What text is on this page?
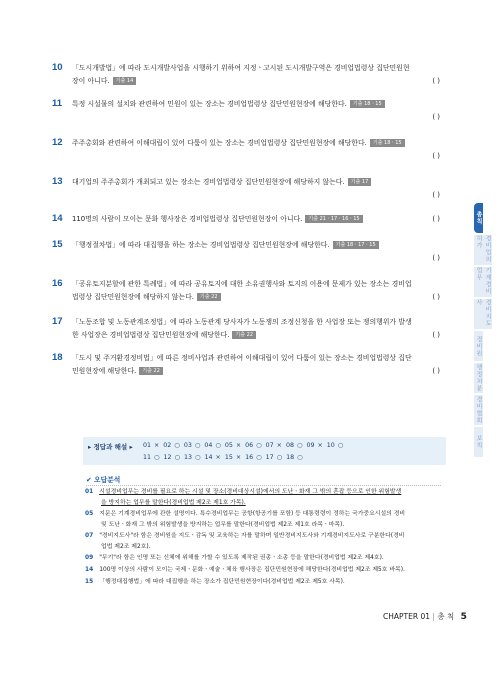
10 「도시개발법」에 따라 도시개발사업을 시행하기 위하여 지정ㆍ고시된 도시개발구역은 경비업법령상 집단민원현
장이 아니다. 기출 14	( )
11 특정 시설물의 설치와 관련하여 민원이 있는 장소는 경비업법령상 집단민원현장에 해당한다. 기출 18ㆍ15

( )
12 주주총회와 관련하여 이해대립이 있어 다툼이 있는 장소는 경비업법령상 집단민원현장에 해당한다. 기출 18ㆍ15

( )
13 대기업의 주주총회가 개최되고 있는 장소는 경비업법령상 집단민원현장에 해당하지 않는다. 기출 17

( )
14 110명의 사람이 모이는 문화 행사장은 경비업법령상 집단민원현장이 아니다. 기출 21ㆍ17ㆍ16ㆍ15	( )
15 「행정절차법」에 따라 대집행을 하는 장소는 경비업법령상 집단민원현장에 해당한다. 기출 18ㆍ17ㆍ15

( )
16 「공유토지분할에 관한 특례법」에 따라 공유토지에 대한 소유권행사와 토지의 이용에 문제가 있는 장소는 경비업
법령상 집단민원현장에 해당하지 않는다. 기출 22	( )
17 「노동조합 및 노동관계조정법」에 따라 노동관계 당사자가 노동쟁의 조정신청을 한 사업장 또는 쟁의행위가 발생
한 사업장은 경비업법령상 집단민원현장에 해당한다. 기출 22	( )
18 「도시 및 주거환경정비법」에 따른 정비사업과 관련하여 이해대립이 있어 다툼이 있는 장소는 경비업법령상 집단
민원현장에 해당한다. 기출 22	( )
총칙
경비업의 허가
기계경비업무
경비지도사
경비원
행정처분
경비협회
보칙
▸ 정답과 해설 ▸ 01 × 02 ○ 03 ○ 04 ○ 05 × 06 ○ 07 × 08 ○ 09 × 10 ○
11 ○ 12 ○ 13 ○ 14 × 15 × 16 ○ 17 ○ 18 ○
✔ 오답분석
01 시설경비업무는 경비를 필요로 하는 시설 및 장소(경비대상시설)에서의 도난ㆍ화재 그 밖의 혼잡 등으로 인한 위험발생
을 방지하는 업무를 말한다(경비업법 제2조 제1호 가목).
05 지문은 기계경비업무에 관한 설명이다. 특수경비업무는 공항(항공기를 포함) 등 대통령령이 정하는 국가중요시설의 경비
및 도난ㆍ화재 그 밖의 위험발생을 방지하는 업무를 말한다(경비업법 제2조 제1호 라목ㆍ마목).
07 "경비지도사"라 함은 경비원을 지도ㆍ감독 및 교육하는 자를 말하며 일반경비지도사와 기계경비지도사로 구분한다(경비
업법 제2조 제2호).
09 "무기"라 함은 인명 또는 신체에 위해를 가할 수 있도록 제작된 권총ㆍ소총 등을 말한다(경비업법 제2조 제4호).
14 100명 이상의 사람이 모이는 국제ㆍ문화ㆍ예술ㆍ체육 행사장은 집단민원현장에 해당한다(경비업법 제2조 제5호 바목).
15 「행정대집행법」에 따라 대집행을 하는 장소가 집단민원현장이다(경비업법 제2조 제5호 사목).
CHAPTER 01 | 총 칙 5
